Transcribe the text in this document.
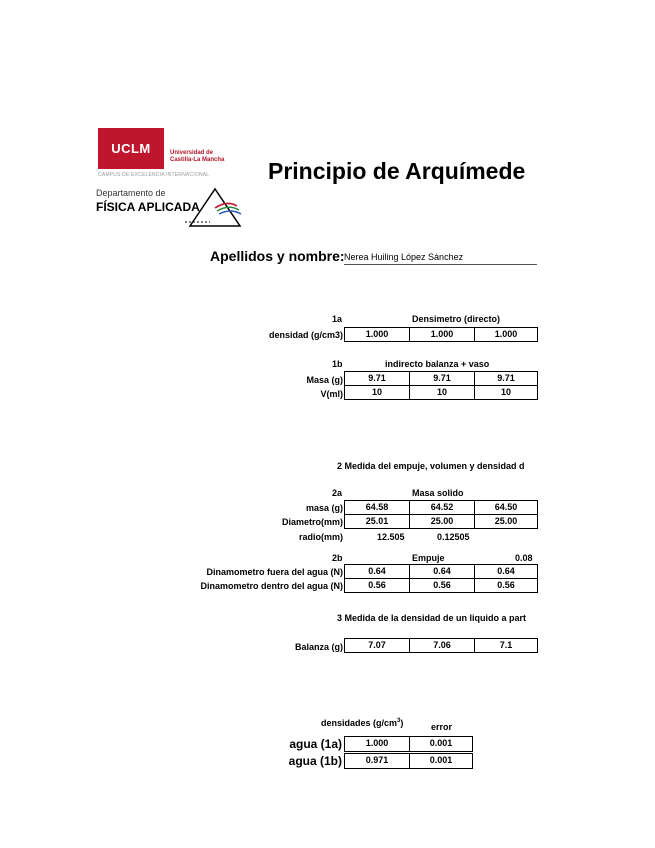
UCLM	Universidad de
Castilla-La Mancha
CAMPUS DE EXCELENCIA INTERNACIONAL
Departamento de
FÍSICA APLICADA
Principio de Arquímede
Apellidos y nombre: Nerea Huiling López Sánchez
1a	Densimetro (directo)
densidad (g/cm3)	1.000	1.000	1.000
1b	indirecto balanza + vaso
Masa (g)	9.71	9.71	9.71
V(ml)	10	10	10
2 Medida del empuje, volumen y densidad d
2a	Masa solido
masa (g)	64.58	64.52	64.50
Diametro(mm)	25.01	25.00	25.00
radio(mm)	12.505	0.12505
2b	Empuje	0.08
Dinamometro fuera del agua (N)	0.64	0.64	0.64
Dinamometro dentro del agua (N)	0.56	0.56	0.56
3 Medida de la densidad de un liquido a part
Balanza (g)	7.07	7.06	7.1
densidades $(g/cm^3)$	error
agua (1a)	1.000	0.001
agua (1b)	0.971	0.001
